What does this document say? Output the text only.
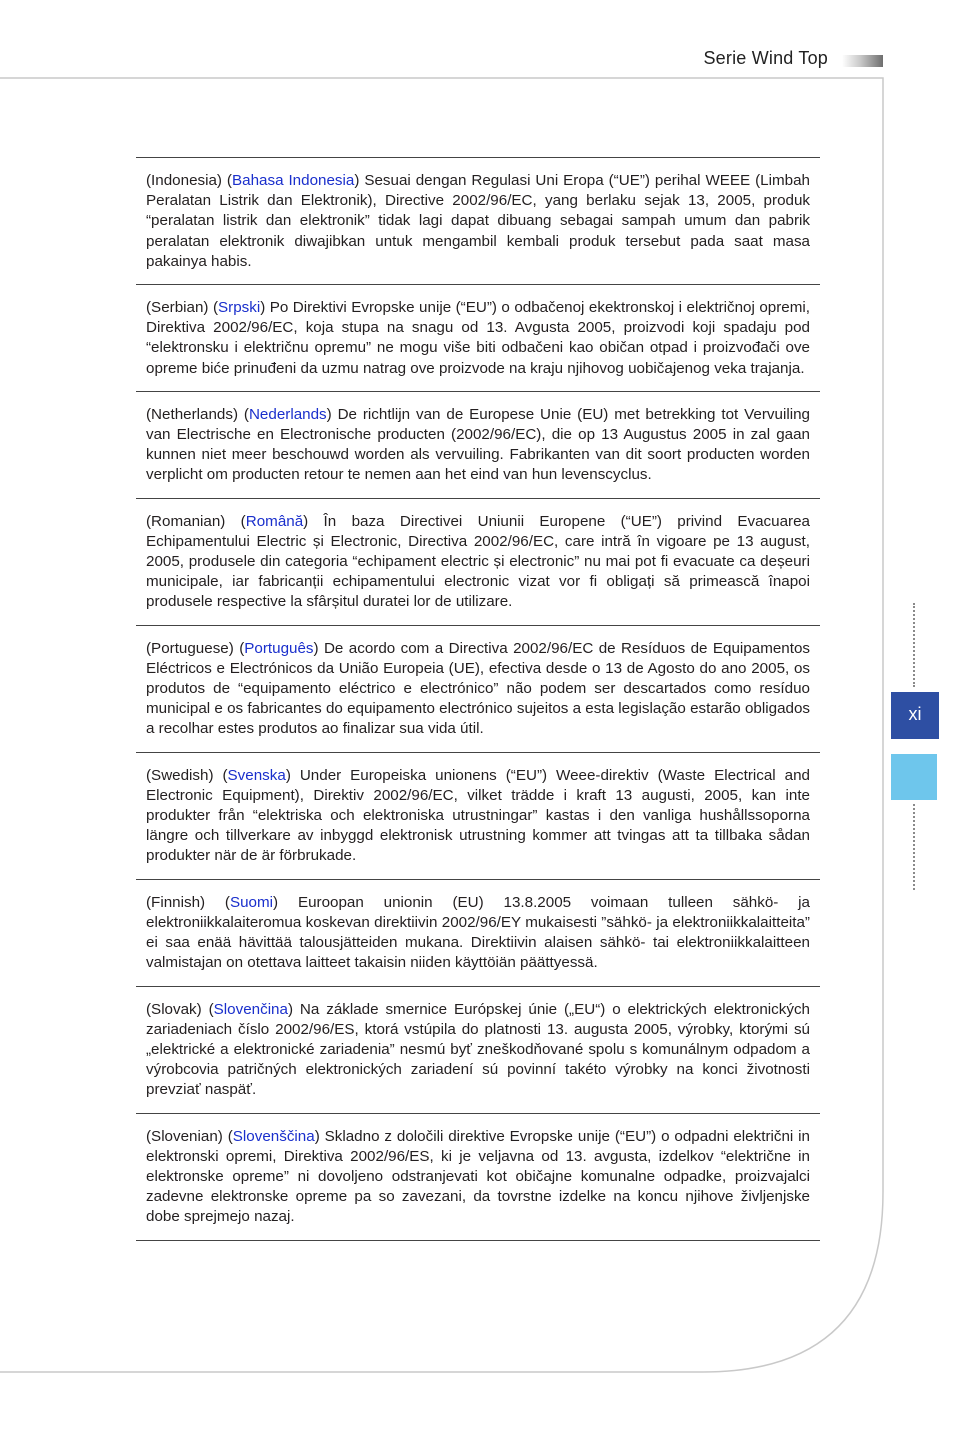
Serie Wind Top
(Indonesia) (Bahasa Indonesia) Sesuai dengan Regulasi Uni Eropa (“UE”) perihal WEEE (Limbah Peralatan Listrik dan Elektronik), Directive 2002/96/EC, yang berlaku sejak 13, 2005, produk “peralatan listrik dan elektronik” tidak lagi dapat dibuang sebagai sampah umum dan pabrik peralatan elektronik diwajibkan untuk mengambil kembali produk tersebut pada saat masa pakainya habis.
(Serbian) (Srpski) Po Direktivi Evropske unije (“EU”) o odbačenoj ekektronskoj i električnoj opremi, Direktiva 2002/96/EC, koja stupa na snagu od 13. Avgusta 2005, proizvodi koji spadaju pod “elektronsku i električnu opremu” ne mogu više biti odbačeni kao običan otpad i proizvođači ove opreme biće prinuđeni da uzmu natrag ove proizvode na kraju njihovog uobičajenog veka trajanja.
(Netherlands) (Nederlands) De richtlijn van de Europese Unie (EU) met betrekking tot Vervuiling van Electrische en Electronische producten (2002/96/EC), die op 13 Augustus 2005 in zal gaan kunnen niet meer beschouwd worden als vervuiling. Fabrikanten van dit soort producten worden verplicht om producten retour te nemen aan het eind van hun levenscyclus.
(Romanian) (Română) În baza Directivei Uniunii Europene (“UE”) privind Evacuarea Echipamentului Electric și Electronic, Directiva 2002/96/EC, care intră în vigoare pe 13 august, 2005, produsele din categoria “echipament electric și electronic” nu mai pot fi evacuate ca deșeuri municipale, iar fabricanții echipamentului electronic vizat vor fi obligați să primească înapoi produsele respective la sfârșitul duratei lor de utilizare.
(Portuguese) (Português) De acordo com a Directiva 2002/96/EC de Resíduos de Equipamentos Eléctricos e Electrónicos da União Europeia (UE), efectiva desde o 13 de Agosto do ano 2005, os produtos de “equipamento eléctrico e electrónico” não podem ser descartados como resíduo municipal e os fabricantes do equipamento electrónico sujeitos a esta legislação estarão obligados a recolhar estes produtos ao finalizar sua vida útil.
(Swedish) (Svenska) Under Europeiska unionens (“EU”) Weee-direktiv (Waste Electrical and Electronic Equipment), Direktiv 2002/96/EC, vilket trädde i kraft 13 augusti, 2005, kan inte produkter från “elektriska och elektroniska utrustningar” kastas i den vanliga hushållssoporna längre och tillverkare av inbyggd elektronisk utrustning kommer att tvingas att ta tillbaka sådan produkter när de är förbrukade.
(Finnish) (Suomi) Euroopan unionin (EU) 13.8.2005 voimaan tulleen sähkö- ja elektroniikkalaiteromua koskevan direktiivin 2002/96/EY mukaisesti ”sähkö- ja elektroniikkalaitteita” ei saa enää hävittää talousjätteiden mukana. Direktiivin alaisen sähkö- tai elektroniikkalaitteen valmistajan on otettava laitteet takaisin niiden käyttöiän päättyessä.
(Slovak) (Slovenčina) Na základe smernice Európskej únie („EU“) o elektrických elektronických zariadeniach číslo 2002/96/ES, ktorá vstúpila do platnosti 13. augusta 2005, výrobky, ktorými sú „elektrické a elektronické zariadenia” nesmú byť zneškodňované spolu s komunálnym odpadom a výrobcovia patričných elektronických zariadení sú povinní takéto výrobky na konci životnosti prevziať naspäť.
(Slovenian) (Slovenščina) Skladno z določili direktive Evropske unije (“EU”) o odpadni električni in elektronski opremi, Direktiva 2002/96/ES, ki je veljavna od 13. avgusta, izdelkov “električne in elektronske opreme” ni dovoljeno odstranjevati kot običajne komunalne odpadke, proizvajalci zadevne elektronske opreme pa so zavezani, da tovrstne izdelke na koncu njihove življenjske dobe sprejmejo nazaj.
xi
